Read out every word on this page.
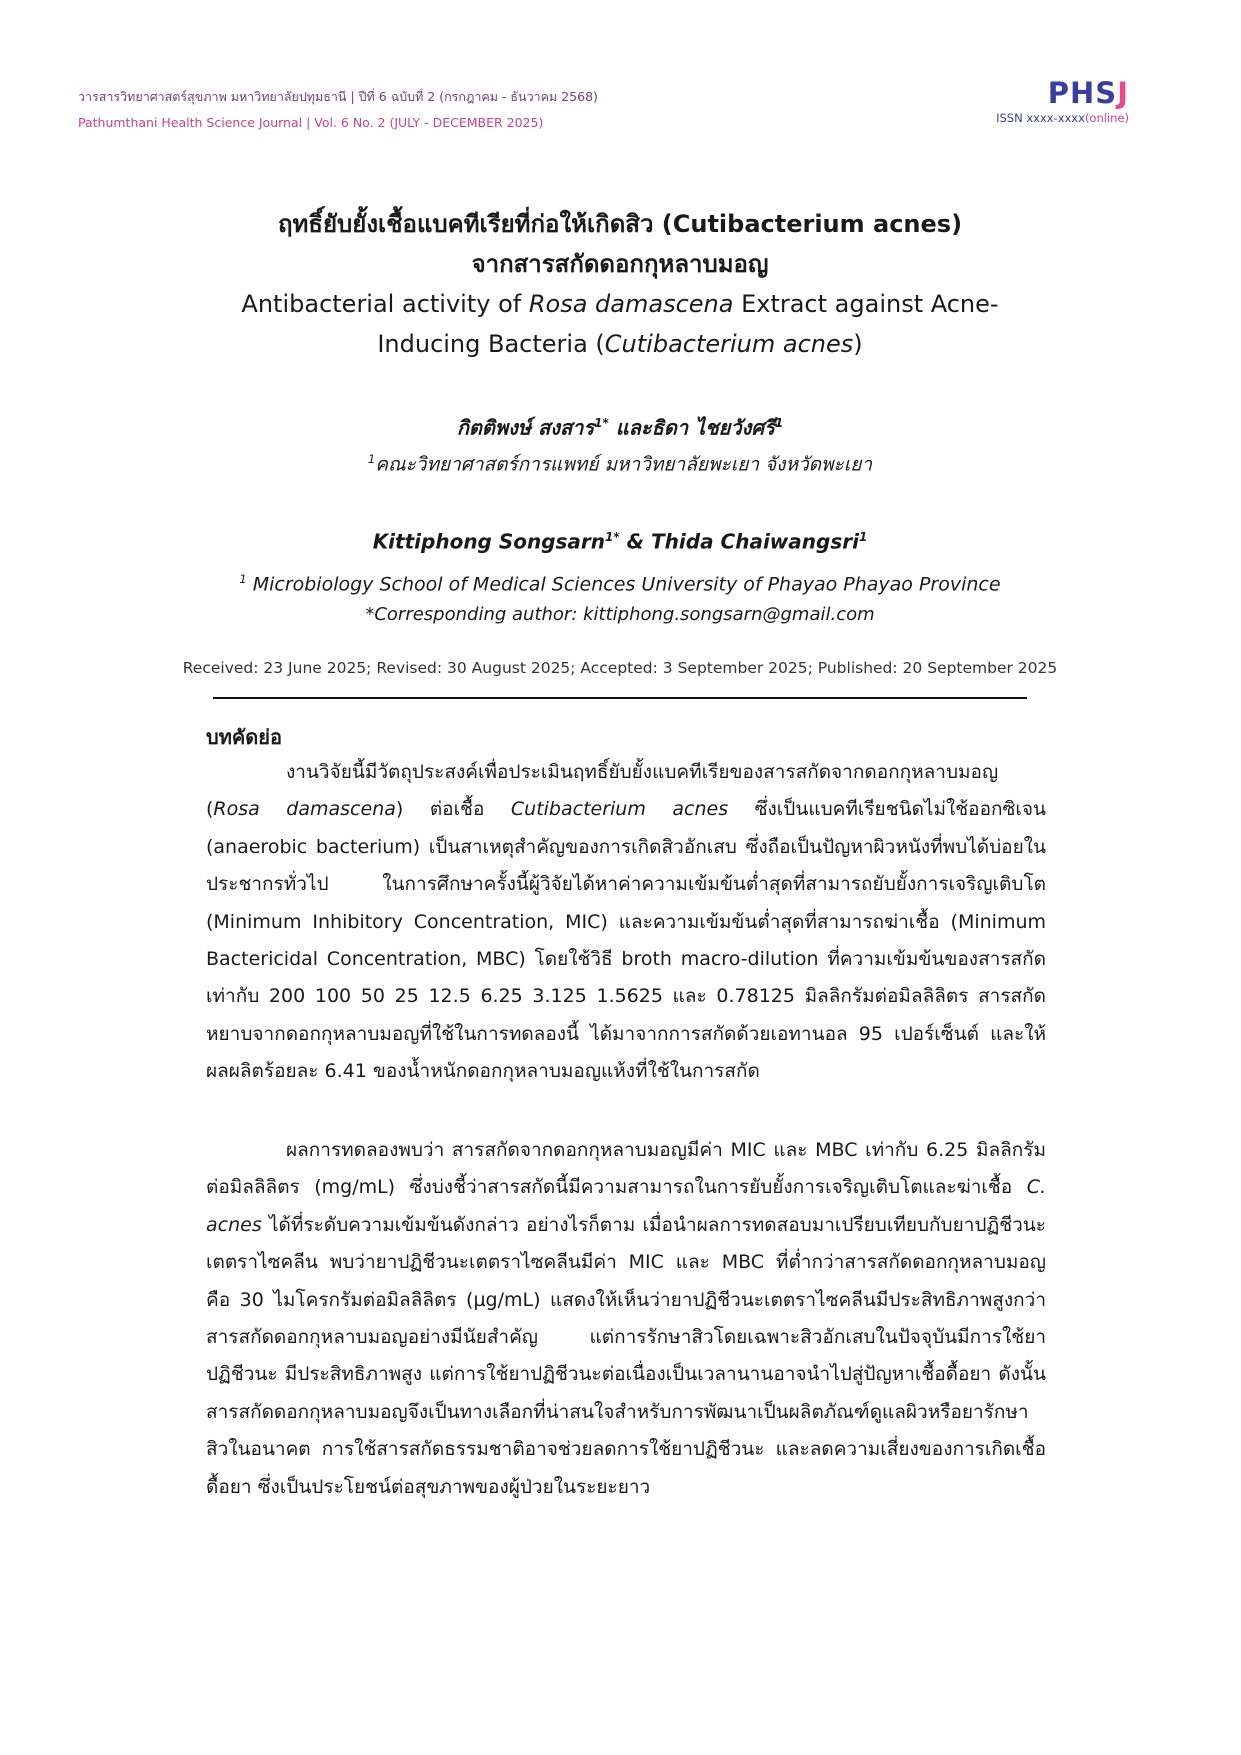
วารสารวิทยาศาสตร์สุขภาพ มหาวิทยาลัยปทุมธานี | ปีที่ 6 ฉบับที่ 2 (กรกฎาคม - ธันวาคม 2568)
Pathumthani Health Science Journal | Vol. 6 No. 2 (JULY - DECEMBER 2025)
PHSJ
ISSN xxxx-xxxx(online)
ฤทธิ์ยับยั้งเชื้อแบคทีเรียที่ก่อให้เกิดสิว (Cutibacterium acnes)
จากสารสกัดดอกกุหลาบมอญ
Antibacterial activity of Rosa damascena Extract against Acne-
Inducing Bacteria (Cutibacterium acnes)
กิตติพงษ์ สงสาร$^{1*}$ และธิดา ไชยวังศรี$^1$
$^1$คณะวิทยาศาสตร์การแพทย์ มหาวิทยาลัยพะเยา จังหวัดพะเยา
Kittiphong Songsarn$^{1*}$ & Thida Chaiwangsri$^1$
$^1$ Microbiology School of Medical Sciences University of Phayao Phayao Province
*Corresponding author: kittiphong.songsarn@gmail.com
Received: 23 June 2025; Revised: 30 August 2025; Accepted: 3 September 2025; Published: 20 September 2025
บทคัดย่อ
งานวิจัยนี้มีวัตถุประสงค์เพื่อประเมินฤทธิ์ยับยั้งแบคทีเรียของสารสกัดจากดอกกุหลาบมอญ (Rosa damascena) ต่อเชื้อ Cutibacterium acnes ซึ่งเป็นแบคทีเรียชนิดไม่ใช้ออกซิเจน (anaerobic bacterium) เป็นสาเหตุสำคัญของการเกิดสิวอักเสบ ซึ่งถือเป็นปัญหาผิวหนังที่พบได้บ่อยในประชากรทั่วไป ในการศึกษาครั้งนี้ผู้วิจัยได้หาค่าความเข้มข้นต่ำสุดที่สามารถยับยั้งการเจริญเติบโต (Minimum Inhibitory Concentration, MIC) และความเข้มข้นต่ำสุดที่สามารถฆ่าเชื้อ (Minimum Bactericidal Concentration, MBC) โดยใช้วิธี broth macro-dilution ที่ความเข้มข้นของสารสกัดเท่ากับ 200 100 50 25 12.5 6.25 3.125 1.5625 และ 0.78125 มิลลิกรัมต่อมิลลิลิตร สารสกัดหยาบจากดอกกุหลาบมอญที่ใช้ในการทดลองนี้ ได้มาจากการสกัดด้วยเอทานอล 95 เปอร์เซ็นต์ และให้ผลผลิตร้อยละ 6.41 ของน้ำหนักดอกกุหลาบมอญแห้งที่ใช้ในการสกัด
ผลการทดลองพบว่า สารสกัดจากดอกกุหลาบมอญมีค่า MIC และ MBC เท่ากับ 6.25 มิลลิกรัมต่อมิลลิลิตร (mg/mL) ซึ่งบ่งชี้ว่าสารสกัดนี้มีความสามารถในการยับยั้งการเจริญเติบโตและฆ่าเชื้อ C. acnes ได้ที่ระดับความเข้มข้นดังกล่าว อย่างไรก็ตาม เมื่อนำผลการทดสอบมาเปรียบเทียบกับยาปฏิชีวนะเตตราไซคลีน พบว่ายาปฏิชีวนะเตตราไซคลีนมีค่า MIC และ MBC ที่ต่ำกว่าสารสกัดดอกกุหลาบมอญ คือ 30 ไมโครกรัมต่อมิลลิลิตร (µg/mL) แสดงให้เห็นว่ายาปฏิชีวนะเตตราไซคลีนมีประสิทธิภาพสูงกว่าสารสกัดดอกกุหลาบมอญอย่างมีนัยสำคัญ แต่การรักษาสิวโดยเฉพาะสิวอักเสบในปัจจุบันมีการใช้ยาปฏิชีวนะ มีประสิทธิภาพสูง แต่การใช้ยาปฏิชีวนะต่อเนื่องเป็นเวลานานอาจนำไปสู่ปัญหาเชื้อดื้อยา ดังนั้นสารสกัดดอกกุหลาบมอญจึงเป็นทางเลือกที่น่าสนใจสำหรับการพัฒนาเป็นผลิตภัณฑ์ดูแลผิวหรือยารักษาสิวในอนาคต การใช้สารสกัดธรรมชาติอาจช่วยลดการใช้ยาปฏิชีวนะ และลดความเสี่ยงของการเกิดเชื้อดื้อยา ซึ่งเป็นประโยชน์ต่อสุขภาพของผู้ป่วยในระยะยาว
